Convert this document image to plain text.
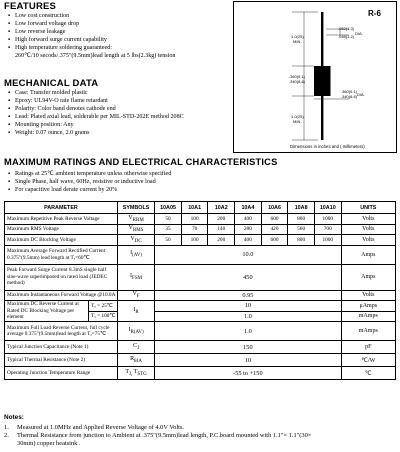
FEATURES
▪ Low cost construction
▪ Low forward voltage drop
▪ Low reverse leakage
▪ High forward surge current capability
▪ High temperature soldering guaranteed:
260℃/10 secods/.375"(9.5mm)lead length at 5 lbs(2.3kg) tension
MECHANICAL DATA
▪ Case: Transfer molded plastic
▪ Epoxy: UL94V-O rate flame retardant
▪ Polarity: Color band denotes cathode end
▪ Lead: Plated axial lead, solderable per MIL-STD-202E method 208C
▪ Mounting position: Any
▪ Weight: 0.07 ounce, 2.0 grams
R-6
.052(1.3)
.048(1.2)
DIA.
1.0(25)
MIN.
.360(9.1)
.340(8.6)
.360(9.1)
.340(8.6) DIA.
1.0(25)
MIN.
Dimensions in inches and ( millimeters)
MAXIMUM RATINGS AND ELECTRICAL CHARACTERISTICS
▪ Ratings at 25℃ ambient temperature unless otherwise specified
▪ Single Phase, half wave, 60Hz, resistive or inductive load
▪ For capacitive load derate current by 20%
PARAMETER		SYMBOLS	10A05	10A1	10A2	10A4	10A6	10A8	10A10	UNITS
Maximum Repetitive Peak Reverse Voltage		$V_{RRM}$	50	100	200	400	600	800	1000	Volts
Maximum RMS Voltage		$V_{RMS}$	35	70	140	280	420	560	700	Volts
Maximum DC Blocking Voltage		$V_{DC}$	50	100	200	400	600	800	1000	Volts
Maximum Average Forward Rectified Current 0.375"(9.5mm) lead length at Tₐ=60℃		$I_{(AV)}$	10.0							Amps
Peak Forward Surge Current 8.3mS single half sine-wave superimposed on rated load (JEDEC method)		$I_{FSM}$	450							Amps
Maximum Instantaneous Forward Voltage @10.0A		$V_F$	0.95							Volts
Maximum DC Reverse Current at Rated DC Blocking Voltage per element	Tₐ = 25℃	$I_R$	10							μAmps
	Tₐ = 100℃		1.0							mAmps
Maximum Full Load Reverse Current, full cycle average 0.375"(9.5mm)lead length at Tₐ=75℃		$I_{R(AV)}$	1.0							mAmps
Typical Junction Capacitance (Note 1)		$C_J$	150							pF
Typical Thermal Resistance (Note 2)		$R_{\theta JA}$	10							℃/W
Operating Junction Temperature Range		$T_{J,}$ $T_{STG}$	-55 to +150							℃
Notes:
1.	Measured at 1.0MHz and Applied Reverse Voltage of 4.0V Volts.
2.	Thermal Resistance from junction to Ambient at .375"(9.5mm)lead length, P.C.board mounted with 1.1"× 1.1"(30×
30mm) copper heatsink .
